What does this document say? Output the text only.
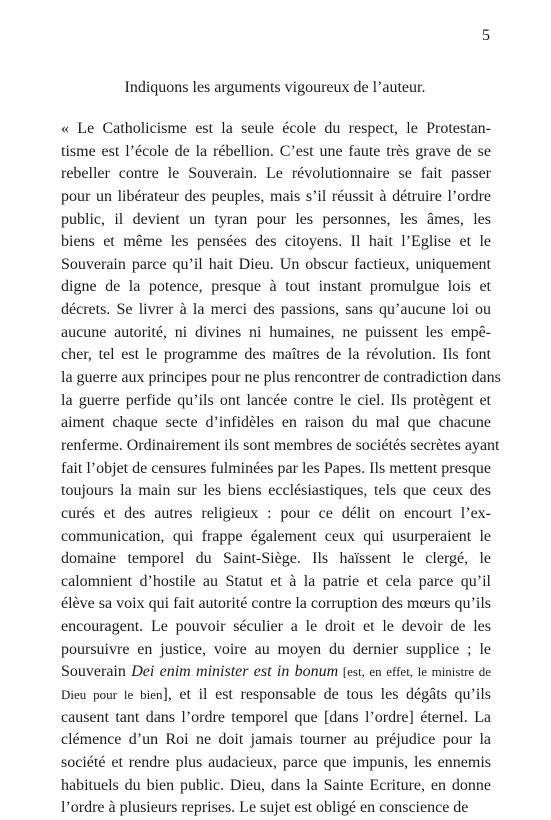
5
Indiquons les arguments vigoureux de l’auteur.
« Le Catholicisme est la seule école du respect, le Protestan-
tisme est l’école de la rébellion. C’est une faute très grave de se
rebeller contre le Souverain. Le révolutionnaire se fait passer
pour un libérateur des peuples, mais s’il réussit à détruire l’ordre
public, il devient un tyran pour les personnes, les âmes, les
biens et même les pensées des citoyens. Il hait l’Eglise et le
Souverain parce qu’il hait Dieu. Un obscur factieux, uniquement
digne de la potence, presque à tout instant promulgue lois et
décrets. Se livrer à la merci des passions, sans qu’aucune loi ou
aucune autorité, ni divines ni humaines, ne puissent les empê-
cher, tel est le programme des maîtres de la révolution. Ils font
la guerre aux principes pour ne plus rencontrer de contradiction dans
la guerre perfide qu’ils ont lancée contre le ciel. Ils protègent et
aiment chaque secte d’infidèles en raison du mal que chacune
renferme. Ordinairement ils sont membres de sociétés secrètes ayant
fait l’objet de censures fulminées par les Papes. Ils mettent presque
toujours la main sur les biens ecclésiastiques, tels que ceux des
curés et des autres religieux : pour ce délit on encourt l’ex-
communication, qui frappe également ceux qui usurperaient le
domaine temporel du Saint-Siège. Ils haïssent le clergé, le
calomnient d’hostile au Statut et à la patrie et cela parce qu’il
élève sa voix qui fait autorité contre la corruption des mœurs qu’ils
encouragent. Le pouvoir séculier a le droit et le devoir de les
poursuivre en justice, voire au moyen du dernier supplice ; le
Souverain Dei enim minister est in bonum [est, en effet, le ministre de
Dieu pour le bien], et il est responsable de tous les dégâts qu’ils
causent tant dans l’ordre temporel que [dans l’ordre] éternel. La
clémence d’un Roi ne doit jamais tourner au préjudice pour la
société et rendre plus audacieux, parce que impunis, les ennemis
habituels du bien public. Dieu, dans la Sainte Ecriture, en donne
l’ordre à plusieurs reprises. Le sujet est obligé en conscience de
